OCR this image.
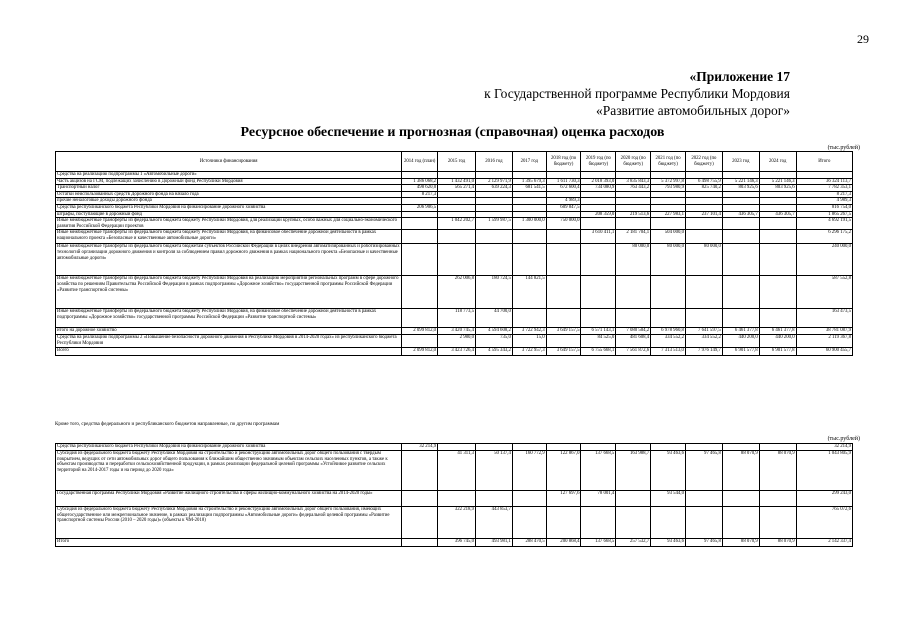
29
«Приложение 17
к Государственной программе Республики Мордовия
«Развитие автомобильных дорог»
Ресурсное обеспечение и прогнозная (справочная) оценка расходов
(тыс.рублей)
Источники финансирования	2014 год (план)	2015 год	2016 год	2017 год	2018 год (по бюджету)	2019 год (по бюджету)	2020 год (по бюджету)	2021 год (по бюджету)	2022 год (по бюджету)	2023 год	2024 год	Итого
Средства на реализацию подпрограммы 1 «Автомобильные дороги»												
Часть акцизов на ГСМ, подлежащих зачислению в Дорожный фонд Республики Мордовия	1 386 068,2	1 432 491,0	2 129 971,9	1 395 679,3	1 611 730,3	2 018 393,0	3 835 843,3	5 372 997,8	6 498 755,9	5 221 146,3	5 221 146,3	36 324 113,7
Транспортный налог	498 620,0	565 271,4	639 224,3	681 541,5	672 600,4	734 080,9	763 443,2	793 980,9	825 740,2	803 925,6	803 925,6	7 782 353,1
Остатки неиспользованных средств Дорожного фонда на начало года	8 217,3											8 217,3
прочие неналоговые доходы дорожного фонда					4 989,3							4 989,3
Средства республиканского бюджета Республики Мордовия на финансирование дорожного хозяйства	206 906,5				609 847,5							816 754,0
штрафы, поступающие в дорожный фонд						208 359,0	219 513,6	227 983,1	237 101,4	436 305,7	436 305,7	1 865 267,5
Иные межбюджетные трансферты из федерального бюджета бюджету Республики Мордовия, для реализации крупных, особо важных для социально-экономического развития Российской Федерации проектов		1 042 202,7	1 599 987,5	1 300 000,0	750 000,0							4 692 191,5
Иные межбюджетные трансферты из федерального бюджета бюджету Республики Мордовия, на финансовое обеспечение дорожной деятельности в рамках национального проекта «Безопасные и качественные автомобильные дороги»						3 610 411,1	2 181 704,1	504 000,0				6 296 175,2
Иные межбюджетные трансферты из федерального бюджета бюджетам субъектов Российской Федерации в целях внедрения автоматизированных и роботизированных технологий организации дорожного движения и контроля за соблюдением правил дорожного движения в рамках национального проекта «Безопасные и качественные автомобильные дороги»							80 000,0	80 000,0	80 000,0			240 000,0
Иные межбюджетные трансферты из федерального бюджета бюджету Республики Мордовия на реализацию мероприятий региональных программ в сфере дорожного хозяйства по решениям Правительства Российской Федерации в рамках подпрограммы «Дорожное хозяйство» государственной программы Российской Федерации «Развитие транспортной системы»		262 006,8	180 724,5	144 821,5								587 552,8
Иные межбюджетные трансферты из федерального бюджета бюджету Республики Мордовия, на финансовое обеспечение дорожной деятельности в рамках подпрограммы «Дорожное хозяйство» государственной программы Российской Федерации «Развитие транспортной системы»		118 773,5	44 700,0									163 473,5
итого на дорожное хозяйство	2 099 812,0	3 420 745,4	4 594 608,2	3 722 942,3	3 649 157,5	6 571 143,1	7 080 504,2	6 978 960,8	7 641 597,5	6 461 377,8	6 461 377,8	38 781 087,9
Средства на реализацию подпрограммы 2 «Повышение безопасности дорожного движения в Республике Мордовия в 2014-2020 годах» из республиканского бюджета Республики Мордовия		2 980,0	735,0	15,0		84 525,0	481 608,4	334 552,2	334 552,2	440 200,0	440 200,0	2 119 367,8
Всего	2 099 812,0	3 423 726,4	4 595 343,2	3 722 957,3	3 649 157,5	6 755 668,1	7 561 872,6	7 313 513,0	7 976 149,7	6 901 577,8	6 901 577,8	60 900 455,7
Кроме того, средства федерального и республиканского бюджетов направленные, по другим программам
(тыс.рублей)
Средства республиканского бюджета Республики Мордовия на финансирование дорожного хозяйства	32 214,9											32 214,9
Субсидия из федерального бюджета бюджету Республики Мордовия на строительство и реконструкцию автомобильных дорог общего пользования с твердым покрытием, ведущих от сети автомобильных дорог общего пользования к ближайшим общественно значимым объектам сельских населенных пунктов, а также к объектам производства и переработки сельскохозяйственной продукции, в рамках реализации федеральной целевой программы «Устойчивое развитие сельских территорий на 2014-2017 годы и на период до 2020 года»		41 311,3	50 137,4	160 772,9	122 867,0	137 668,5	163 988,7	93 463,6	97 465,8	88 070,9	88 070,9	1 043 805,9
Государственная программа Республики Мордовия «Развитие жилищного строительства и сферы жилищно-коммунального хозяйства на 2014-2020 годы»					127 697,6	78 001,4		93 544,0				299 243,0
Субсидия из федерального бюджета бюджету Республики Мордовия на строительство и реконструкцию автомобильных дорог общего пользования, имеющих общегосударственное или межрегиональное значение, в рамках реализации подпрограммы «Автомобильные дороги» федеральной целевой программы «Развитие транспортной системы России (2010 – 2020 годы)» (объекты к ЧМ-2018)		322 218,9	443 853,7									765 072,6
Итого		396 745,0	493 981,1	288 470,5	200 868,4	137 668,5	257 532,7	93 463,6	97 465,8	88 070,9	88 070,9	2 142 337,4
